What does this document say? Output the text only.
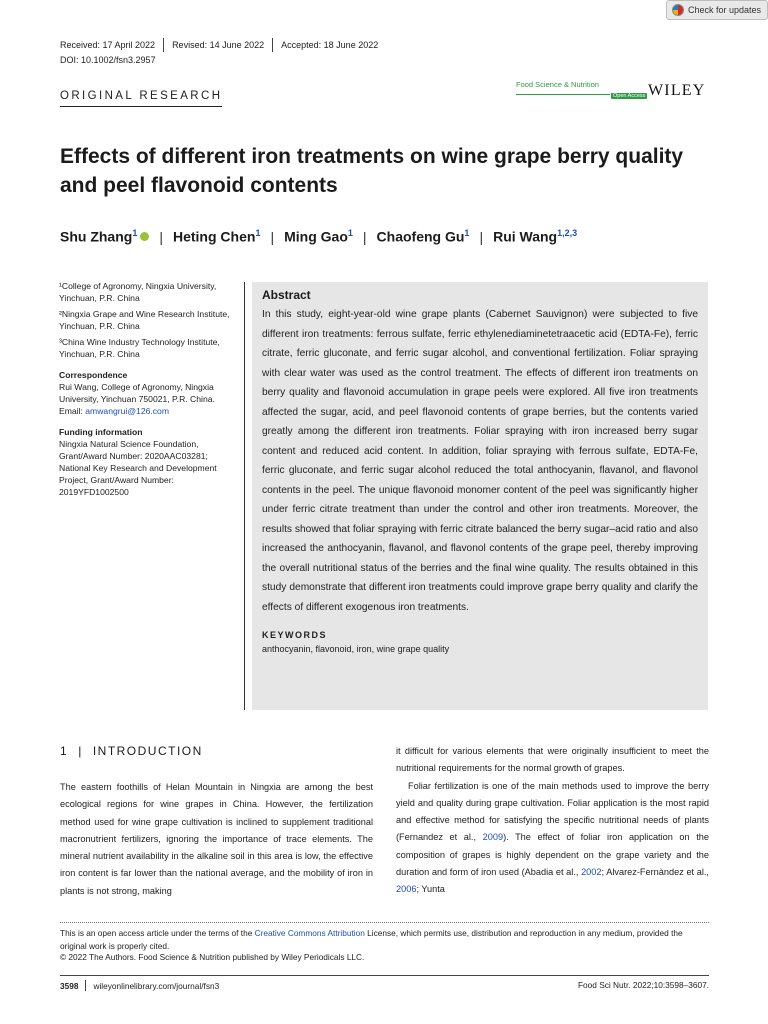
Check for updates
Received: 17 April 2022 Revised: 14 June 2022 Accepted: 18 June 2022
DOI: 10.1002/fsn3.2957
ORIGINAL RESEARCH
Food Science & Nutrition
Open Access WILEY
Effects of different iron treatments on wine grape berry quality and peel flavonoid contents
Shu Zhang$^1$ | Heting Chen$^1$ | Ming Gao$^1$ | Chaofeng Gu$^1$ | Rui Wang$^{1,2,3}$
¹College of Agronomy, Ningxia University, Yinchuan, P.R. China
²Ningxia Grape and Wine Research Institute, Yinchuan, P.R. China
³China Wine Industry Technology Institute, Yinchuan, P.R. China
Correspondence
Rui Wang, College of Agronomy, Ningxia University, Yinchuan 750021, P.R. China. Email: amwangrui@126.com
Funding information
Ningxia Natural Science Foundation, Grant/Award Number: 2020AAC03281; National Key Research and Development Project, Grant/Award Number: 2019YFD1002500
Abstract
In this study, eight-year-old wine grape plants (Cabernet Sauvignon) were subjected to five different iron treatments: ferrous sulfate, ferric ethylenediaminetetraacetic acid (EDTA-Fe), ferric citrate, ferric gluconate, and ferric sugar alcohol, and conventional fertilization. Foliar spraying with clear water was used as the control treatment. The effects of different iron treatments on berry quality and flavonoid accumulation in grape peels were explored. All five iron treatments affected the sugar, acid, and peel flavonoid contents of grape berries, but the contents varied greatly among the different iron treatments. Foliar spraying with iron increased berry sugar content and reduced acid content. In addition, foliar spraying with ferrous sulfate, EDTA-Fe, ferric gluconate, and ferric sugar alcohol reduced the total anthocyanin, flavanol, and flavonol contents in the peel. The unique flavonoid monomer content of the peel was significantly higher under ferric citrate treatment than under the control and other iron treatments. Moreover, the results showed that foliar spraying with ferric citrate balanced the berry sugar–acid ratio and also increased the anthocyanin, flavanol, and flavonol contents of the grape peel, thereby improving the overall nutritional status of the berries and the final wine quality. The results obtained in this study demonstrate that different iron treatments could improve grape berry quality and clarify the effects of different exogenous iron treatments.
KEYWORDS
anthocyanin, flavonoid, iron, wine grape quality
1 | INTRODUCTION

The eastern foothills of Helan Mountain in Ningxia are among the best ecological regions for wine grapes in China. However, the fertilization method used for wine grape cultivation is inclined to supplement traditional macronutrient fertilizers, ignoring the importance of trace elements. The mineral nutrient availability in the alkaline soil in this area is low, the effective iron content is far lower than the national average, and the mobility of iron in plants is not strong, making

it difficult for various elements that were originally insufficient to meet the nutritional requirements for the normal growth of grapes.

Foliar fertilization is one of the main methods used to improve the berry yield and quality during grape cultivation. Foliar application is the most rapid and effective method for satisfying the specific nutritional needs of plants (Fernandez et al., 2009). The effect of foliar iron application on the composition of grapes is highly dependent on the grape variety and the duration and form of iron used (Abadia et al., 2002; Alvarez-Fernàndez et al., 2006; Yunta

This is an open access article under the terms of the Creative Commons Attribution License, which permits use, distribution and reproduction in any medium, provided the original work is properly cited.
© 2022 The Authors. Food Science & Nutrition published by Wiley Periodicals LLC.
3598 wileyonlinelibrary.com/journal/fsn3	Food Sci Nutr. 2022;10:3598–3607.
